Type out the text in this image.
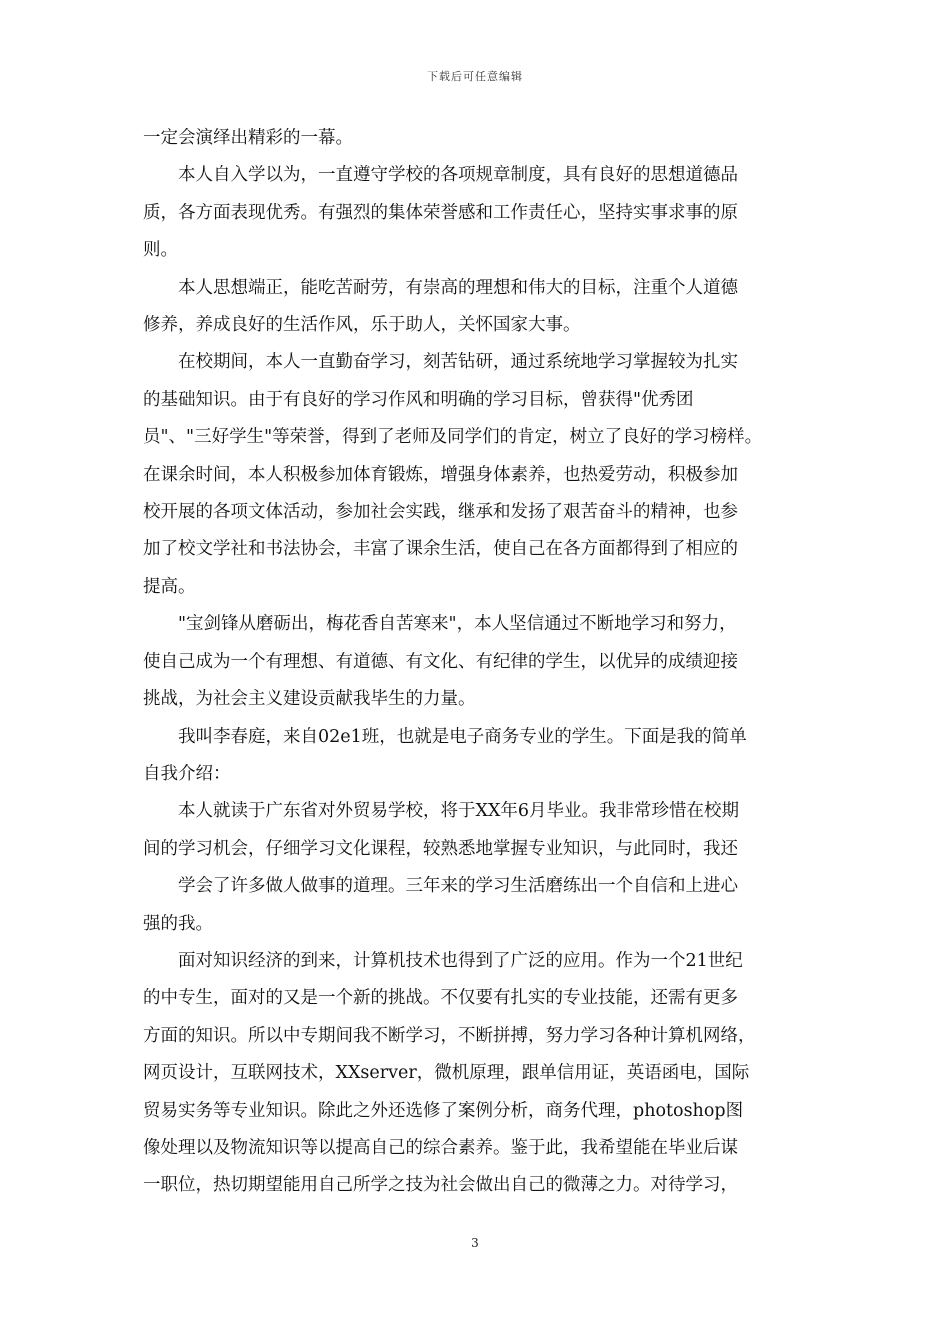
下载后可任意编辑
一定会演绎出精彩的一幕。
本人自入学以为，一直遵守学校的各项规章制度，具有良好的思想道德品
质，各方面表现优秀。有强烈的集体荣誉感和工作责任心，坚持实事求事的原
则。
本人思想端正，能吃苦耐劳，有崇高的理想和伟大的目标，注重个人道德
修养，养成良好的生活作风，乐于助人，关怀国家大事。
在校期间，本人一直勤奋学习，刻苦钻研，通过系统地学习掌握较为扎实
的基础知识。由于有良好的学习作风和明确的学习目标，曾获得"优秀团
员"、"三好学生"等荣誉，得到了老师及同学们的肯定，树立了良好的学习榜样。
在课余时间，本人积极参加体育锻炼，增强身体素养，也热爱劳动，积极参加
校开展的各项文体活动，参加社会实践，继承和发扬了艰苦奋斗的精神，也参
加了校文学社和书法协会，丰富了课余生活，使自己在各方面都得到了相应的
提高。
"宝剑锋从磨砺出，梅花香自苦寒来"，本人坚信通过不断地学习和努力，
使自己成为一个有理想、有道德、有文化、有纪律的学生，以优异的成绩迎接
挑战，为社会主义建设贡献我毕生的力量。
我叫李春庭，来自02e1班，也就是电子商务专业的学生。下面是我的简单
自我介绍：
本人就读于广东省对外贸易学校，将于XX年6月毕业。我非常珍惜在校期
间的学习机会，仔细学习文化课程，较熟悉地掌握专业知识，与此同时，我还
学会了许多做人做事的道理。三年来的学习生活磨练出一个自信和上进心
强的我。
面对知识经济的到来，计算机技术也得到了广泛的应用。作为一个21世纪
的中专生，面对的又是一个新的挑战。不仅要有扎实的专业技能，还需有更多
方面的知识。所以中专期间我不断学习，不断拼搏，努力学习各种计算机网络，
网页设计，互联网技术，XXserver，微机原理，跟单信用证，英语函电，国际
贸易实务等专业知识。除此之外还选修了案例分析，商务代理，photoshop图
像处理以及物流知识等以提高自己的综合素养。鉴于此，我希望能在毕业后谋
一职位，热切期望能用自己所学之技为社会做出自己的微薄之力。对待学习，
3
